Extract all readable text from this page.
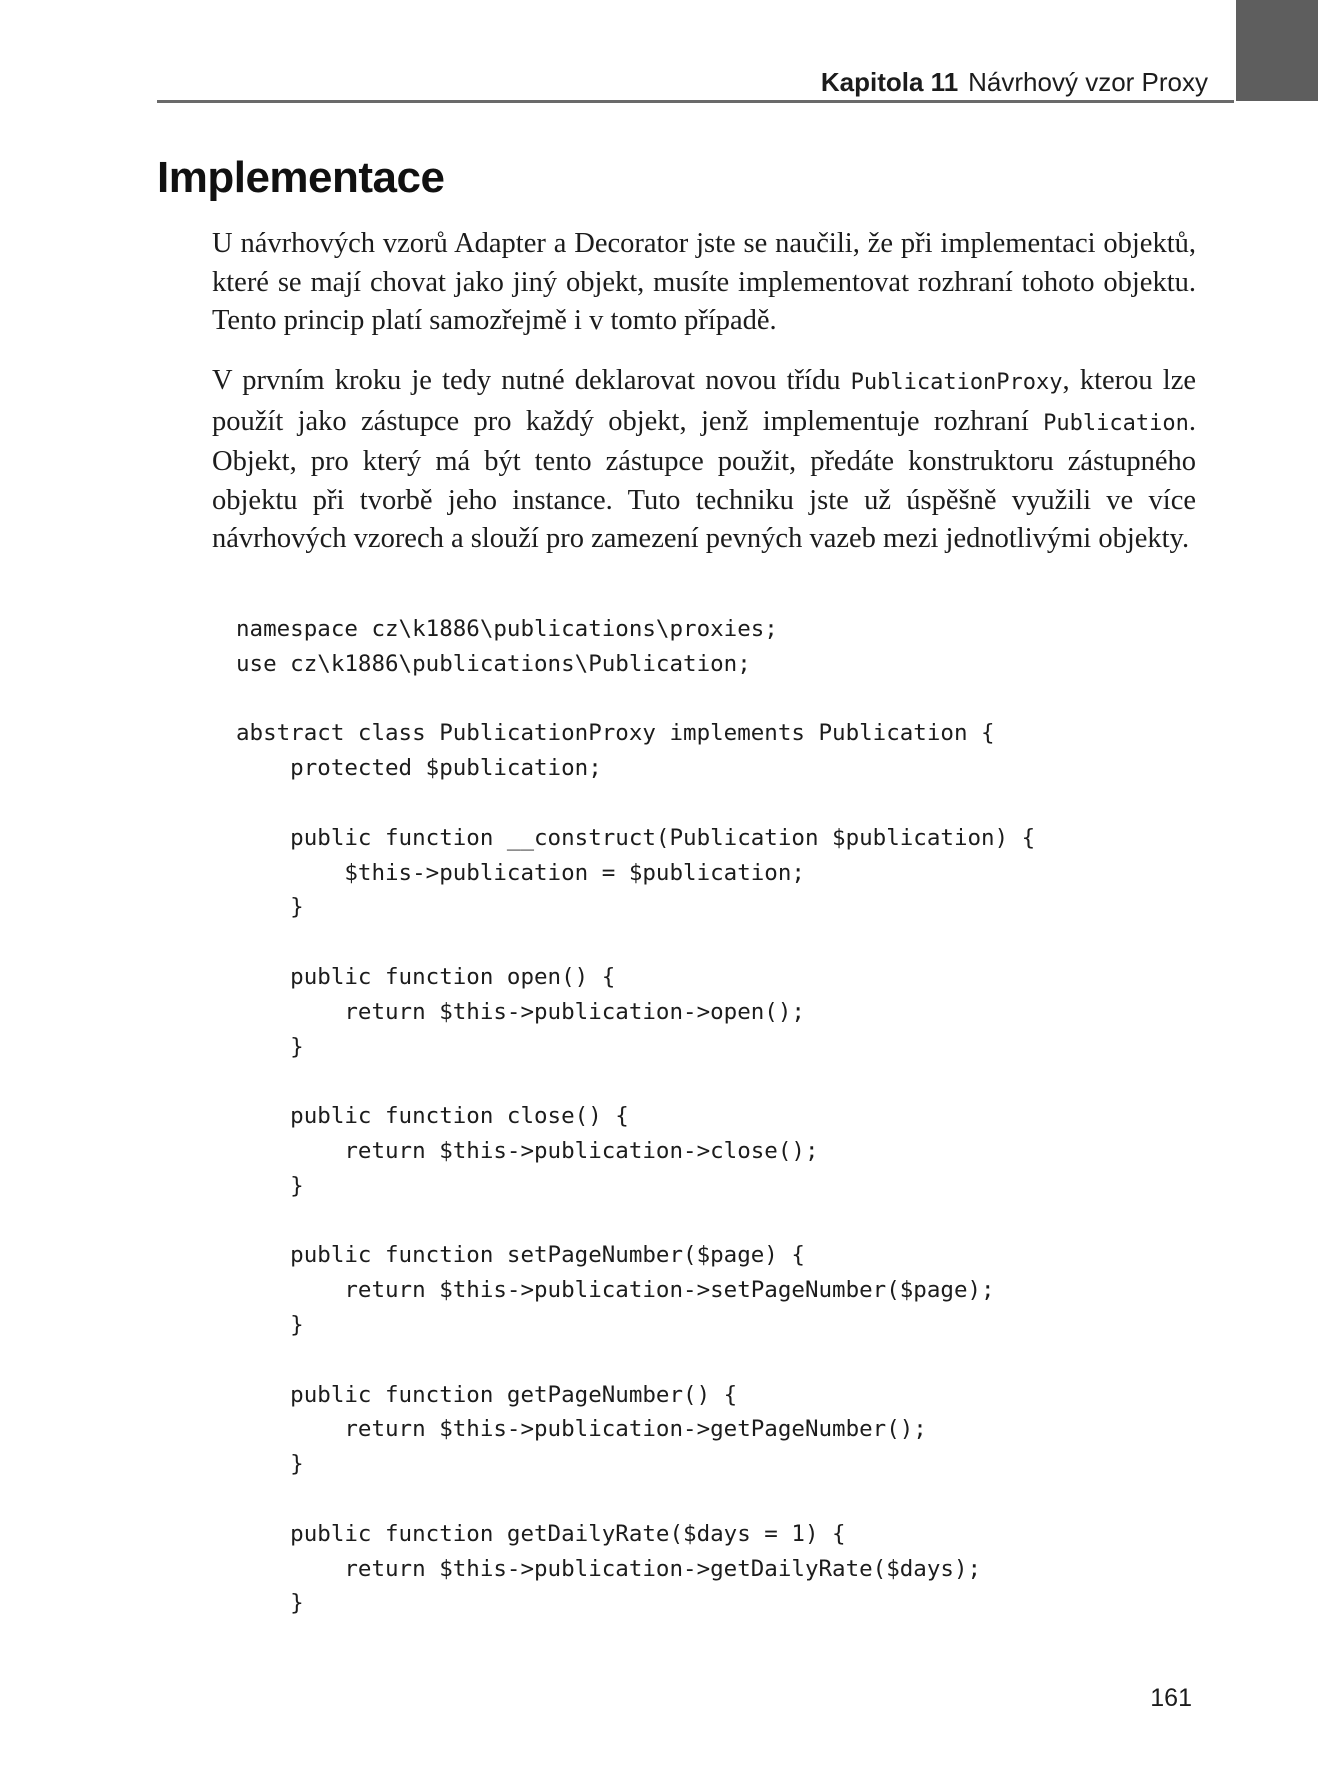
Kapitola 11 Návrhový vzor Proxy
Implementace

U návrhových vzorů Adapter a Decorator jste se naučili, že při implementaci objektů, které se mají chovat jako jiný objekt, musíte implementovat rozhraní tohoto objektu. Tento princip platí samozřejmě i v tomto případě.

V prvním kroku je tedy nutné deklarovat novou třídu PublicationProxy, kterou lze použít jako zástupce pro každý objekt, jenž implementuje rozhraní Publication. Objekt, pro který má být tento zástupce použit, předáte konstruktoru zástupného objektu při tvorbě jeho instance. Tuto techniku jste už úspěšně využili ve více návrhových vzorech a slouží pro zamezení pevných vazeb mezi jednotlivými objekty.

namespace cz\k1886\publications\proxies;
use cz\k1886\publications\Publication;
abstract class PublicationProxy implements Publication {
protected $publication;
public function __construct(Publication $publication) {
$this->publication = $publication;
}
public function open() {
return $this->publication->open();
}
public function close() {
return $this->publication->close();
}
public function setPageNumber($page) {
return $this->publication->setPageNumber($page);
}
public function getPageNumber() {
return $this->publication->getPageNumber();
}
public function getDailyRate($days = 1) {
return $this->publication->getDailyRate($days);
}
161
